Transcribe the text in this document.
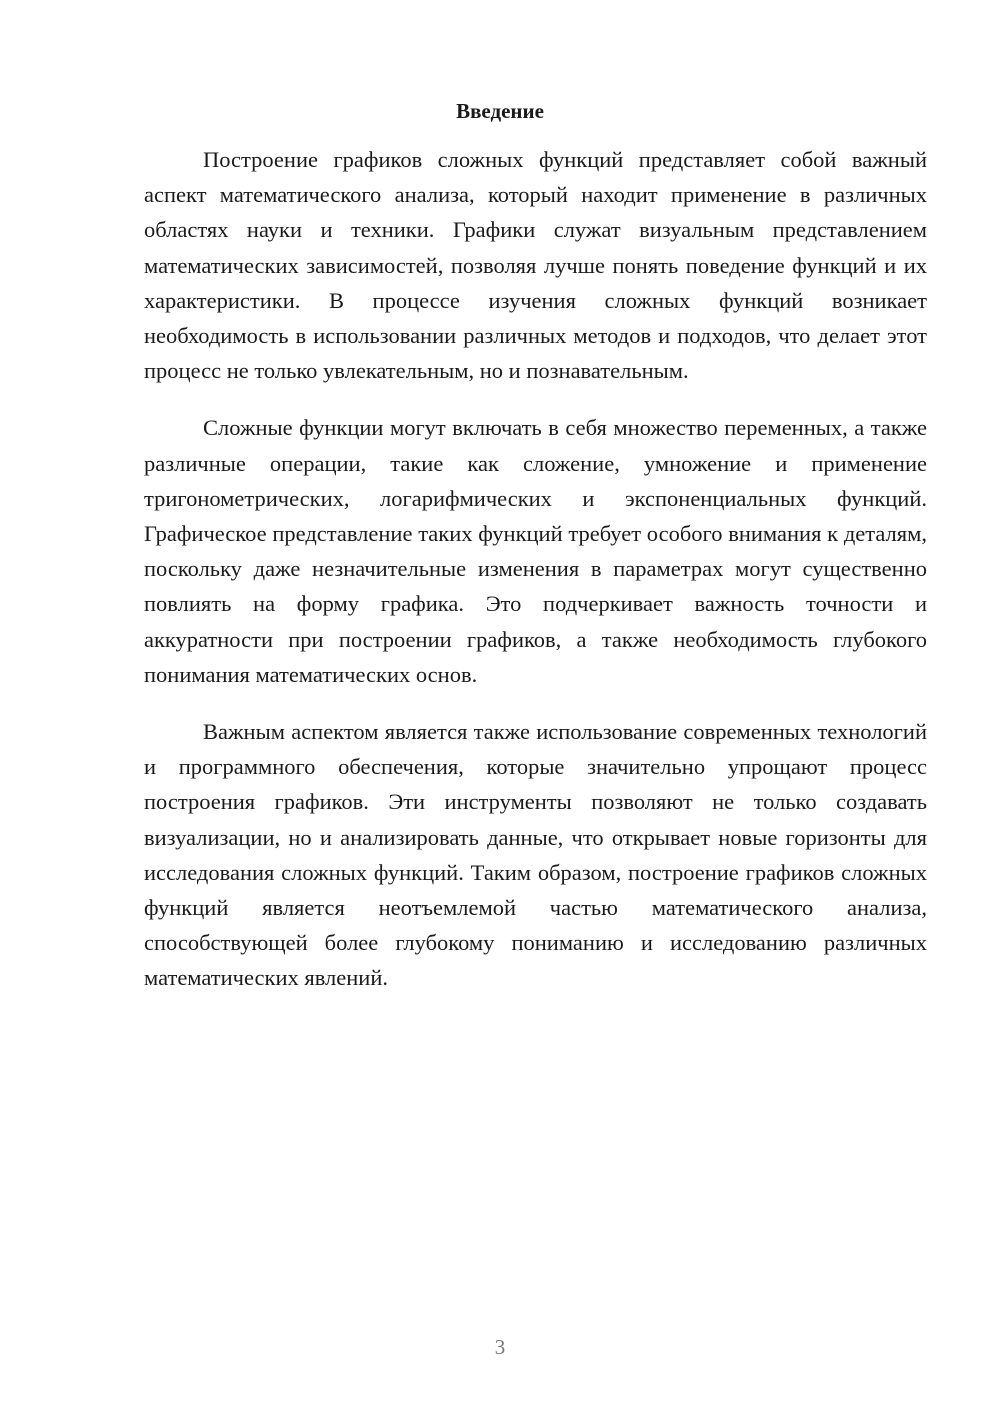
Введение

Построение графиков сложных функций представляет собой важный аспект математического анализа, который находит применение в различных областях науки и техники. Графики служат визуальным представлением математических зависимостей, позволяя лучше понять поведение функций и их характеристики. В процессе изучения сложных функций возникает необходимость в использовании различных методов и подходов, что делает этот процесс не только увлекательным, но и познавательным.

Сложные функции могут включать в себя множество переменных, а также различные операции, такие как сложение, умножение и применение тригонометрических, логарифмических и экспоненциальных функций. Графическое представление таких функций требует особого внимания к деталям, поскольку даже незначительные изменения в параметрах могут существенно повлиять на форму графика. Это подчеркивает важность точности и аккуратности при построении графиков, а также необходимость глубокого понимания математических основ.

Важным аспектом является также использование современных технологий и программного обеспечения, которые значительно упрощают процесс построения графиков. Эти инструменты позволяют не только создавать визуализации, но и анализировать данные, что открывает новые горизонты для исследования сложных функций. Таким образом, построение графиков сложных функций является неотъемлемой частью математического анализа, способствующей более глубокому пониманию и исследованию различных математических явлений.

3
